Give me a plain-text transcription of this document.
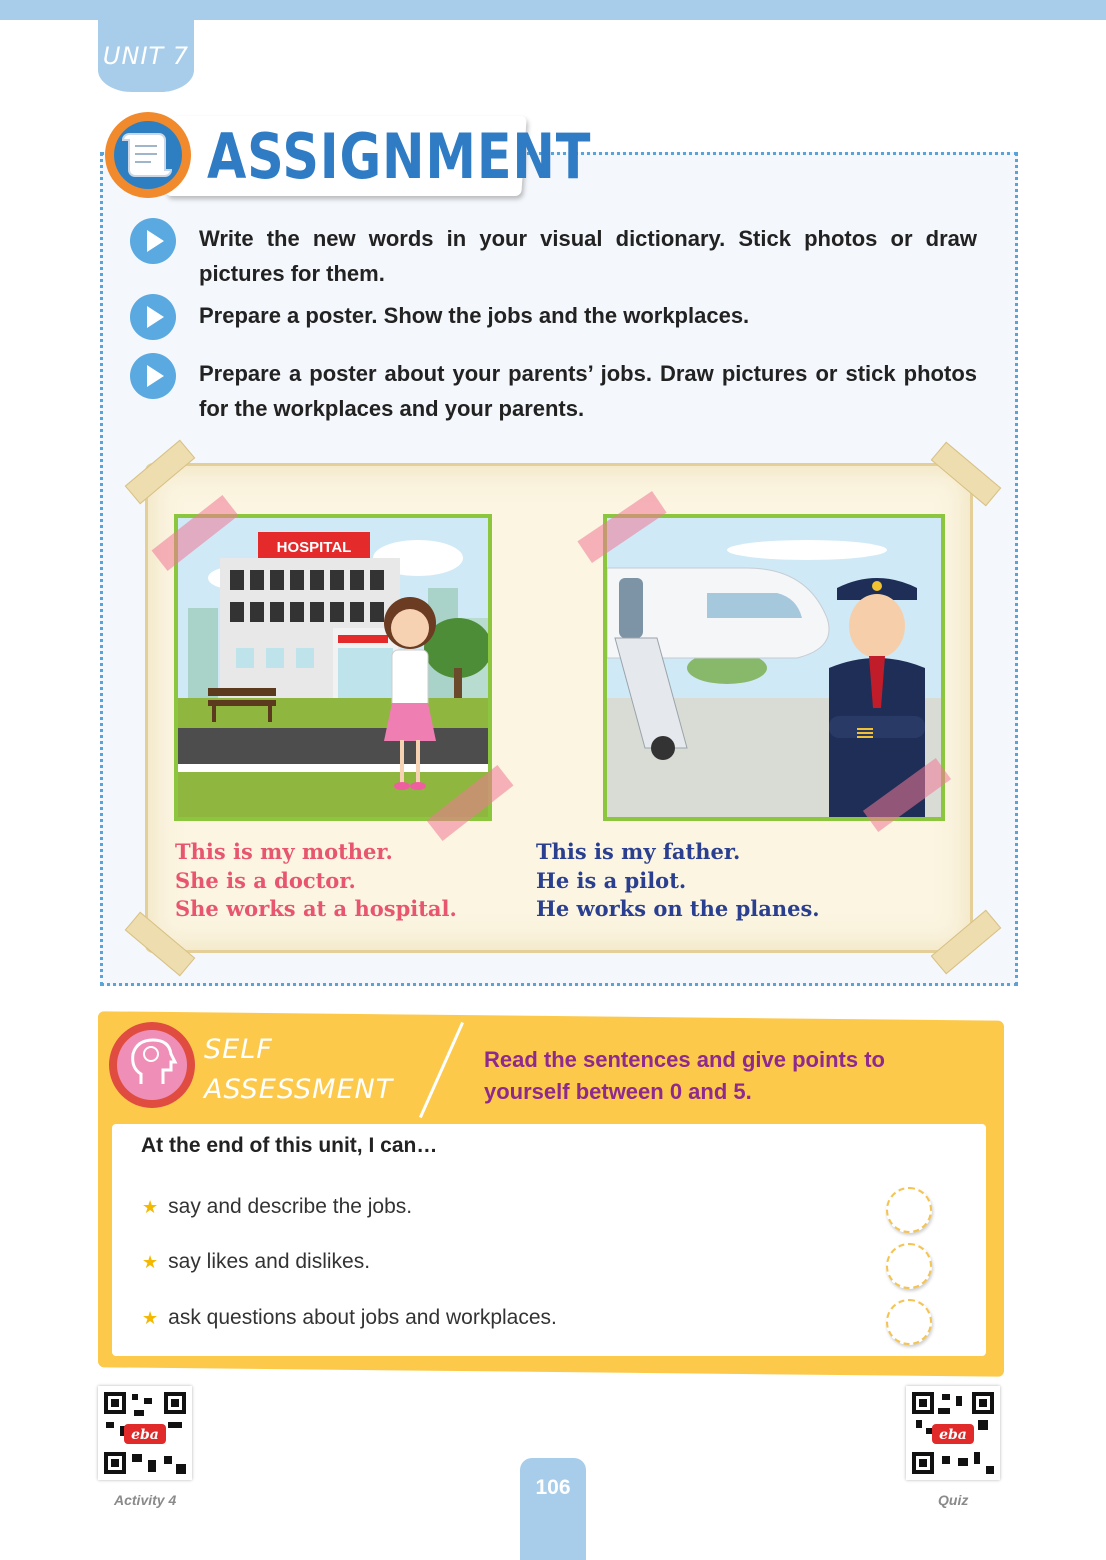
UNIT 7
ASSIGNMENT
Write the new words in your visual dictionary. Stick photos or draw pictures for them.
Prepare a poster. Show the jobs and the workplaces.
Prepare a poster about your parents’ jobs. Draw pictures or stick photos for the workplaces and your parents.
HOSPITAL
This is my mother.
She is a doctor.
She works at a hospital.
This is my father.
He is a pilot.
He works on the planes.
SELF
ASSESSMENT
Read the sentences and give points to yourself between 0 and 5.
At the end of this unit, I can…
★ say and describe the jobs.
★ say likes and dislikes.
★ ask questions about jobs and workplaces.
eba
Activity 4
eba
Quiz
106
